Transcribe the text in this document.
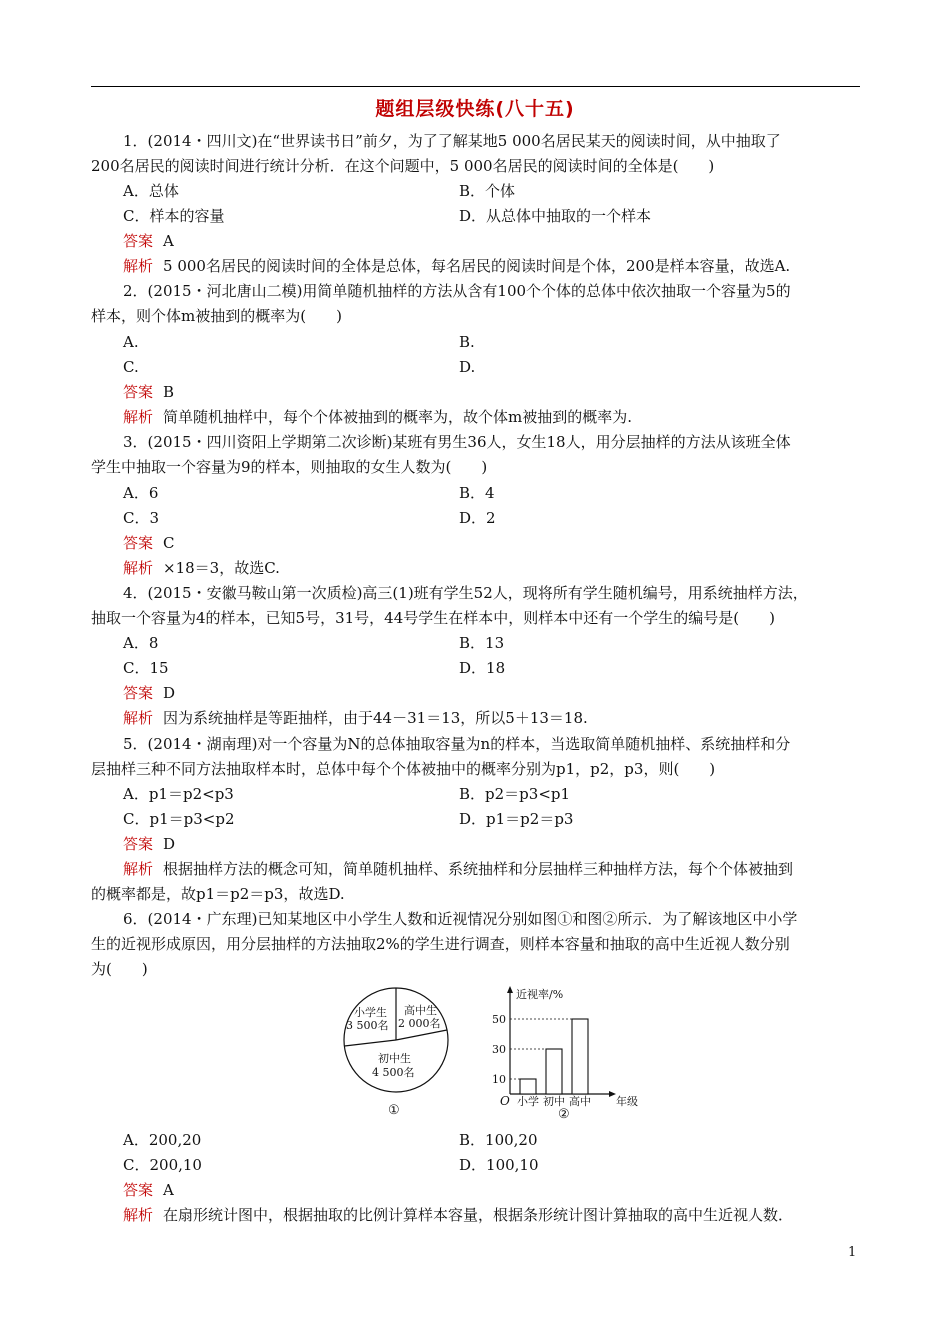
题组层级快练(八十五)
1．(2014・四川文)在“世界读书日”前夕，为了了解某地5 000名居民某天的阅读时间，从中抽取了
200名居民的阅读时间进行统计分析．在这个问题中，5 000名居民的阅读时间的全体是(　　)
A．总体	B．个体
C．样本的容量	D．从总体中抽取的一个样本
答案 A
解析 5 000名居民的阅读时间的全体是总体，每名居民的阅读时间是个体，200是样本容量，故选A.
2．(2015・河北唐山二模)用简单随机抽样的方法从含有100个个体的总体中依次抽取一个容量为5的
样本，则个体m被抽到的概率为(　　)
A.	B.
C.	D.
答案 B
解析 简单随机抽样中，每个个体被抽到的概率为，故个体m被抽到的概率为.
3．(2015・四川资阳上学期第二次诊断)某班有男生36人，女生18人，用分层抽样的方法从该班全体
学生中抽取一个容量为9的样本，则抽取的女生人数为(　　)
A．6	B．4
C．3	D．2
答案 C
解析 ×18＝3，故选C.
4．(2015・安徽马鞍山第一次质检)高三(1)班有学生52人，现将所有学生随机编号，用系统抽样方法，
抽取一个容量为4的样本，已知5号，31号，44号学生在样本中，则样本中还有一个学生的编号是(　　)
A．8	B．13
C．15	D．18
答案 D
解析 因为系统抽样是等距抽样，由于44－31＝13，所以5＋13＝18.
5．(2014・湖南理)对一个容量为N的总体抽取容量为n的样本，当选取简单随机抽样、系统抽样和分
层抽样三种不同方法抽取样本时，总体中每个个体被抽中的概率分别为p1，p2，p3，则(　　)
A．p1＝p2<p3	B．p2＝p3<p1
C．p1＝p3<p2	D．p1＝p2＝p3
答案 D
解析 根据抽样方法的概念可知，简单随机抽样、系统抽样和分层抽样三种抽样方法，每个个体被抽到
的概率都是，故p1＝p2＝p3，故选D.
6．(2014・广东理)已知某地区中小学生人数和近视情况分别如图①和图②所示．为了解该地区中小学
生的近视形成原因，用分层抽样的方法抽取2%的学生进行调查，则样本容量和抽取的高中生近视人数分别
为(　　)
小学生
3 500名
高中生
2 000名
初中生
4 500名
①
近视率/%
年级
O
10
30
50
小学 初中 高中
②
A．200,20	B．100,20
C．200,10	D．100,10
答案 A
解析 在扇形统计图中，根据抽取的比例计算样本容量，根据条形统计图计算抽取的高中生近视人数．
1
